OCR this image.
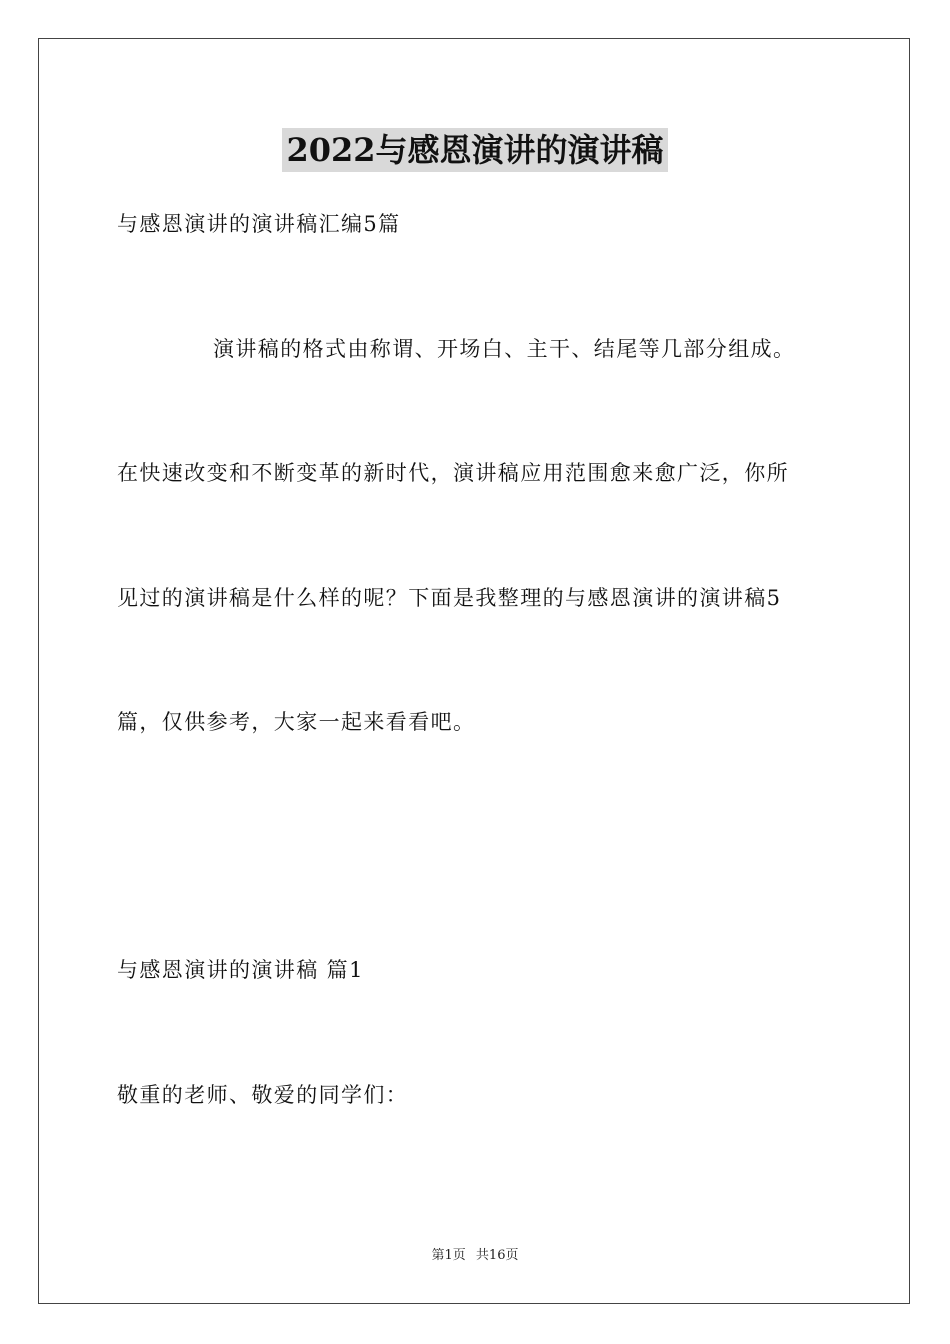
2022与感恩演讲的演讲稿
与感恩演讲的演讲稿汇编5篇
演讲稿的格式由称谓、开场白、主干、结尾等几部分组成。
在快速改变和不断变革的新时代，演讲稿应用范围愈来愈广泛，你所
见过的演讲稿是什么样的呢？下面是我整理的与感恩演讲的演讲稿5
篇，仅供参考，大家一起来看看吧。
与感恩演讲的演讲稿 篇1
敬重的老师、敬爱的同学们：
第1页 共16页
